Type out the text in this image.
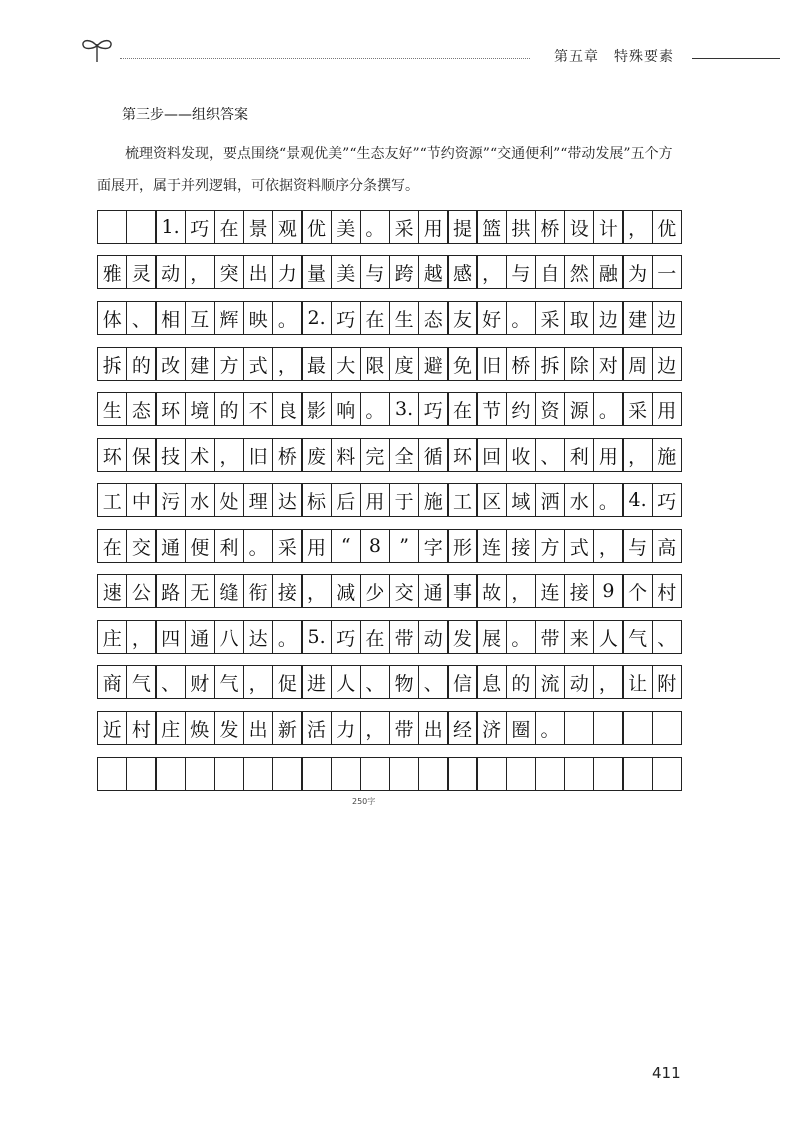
第五章　特殊要素
第三步——组织答案
梳理资料发现，要点围绕“景观优美”“生态友好”“节约资源”“交通便利”“带动发展”五个方面展开，属于并列逻辑，可依据资料顺序分条撰写。
1. 巧 在 景 观 优 美 。 采 用 提 篮 拱 桥 设 计 ， 优
雅 灵 动 ， 突 出 力 量 美 与 跨 越 感 ， 与 自 然 融 为 一
体 、 相 互 辉 映 。 2. 巧 在 生 态 友 好 。 采 取 边 建 边
拆 的 改 建 方 式 ， 最 大 限 度 避 免 旧 桥 拆 除 对 周 边
生 态 环 境 的 不 良 影 响 。 3. 巧 在 节 约 资 源 。 采 用
环 保 技 术 ， 旧 桥 废 料 完 全 循 环 回 收 、 利 用 ， 施
工 中 污 水 处 理 达 标 后 用 于 施 工 区 域 洒 水 。 4. 巧
在 交 通 便 利 。 采 用 “ 8 ” 字 形 连 接 方 式 ， 与 高
速 公 路 无 缝 衔 接 ， 减 少 交 通 事 故 ， 连 接 9 个 村
庄 ， 四 通 八 达 。 5. 巧 在 带 动 发 展 。 带 来 人 气 、
商 气 、 财 气 ， 促 进 人 、 物 、 信 息 的 流 动 ， 让 附
近 村 庄 焕 发 出 新 活 力 ， 带 出 经 济 圈 。
250字
411
